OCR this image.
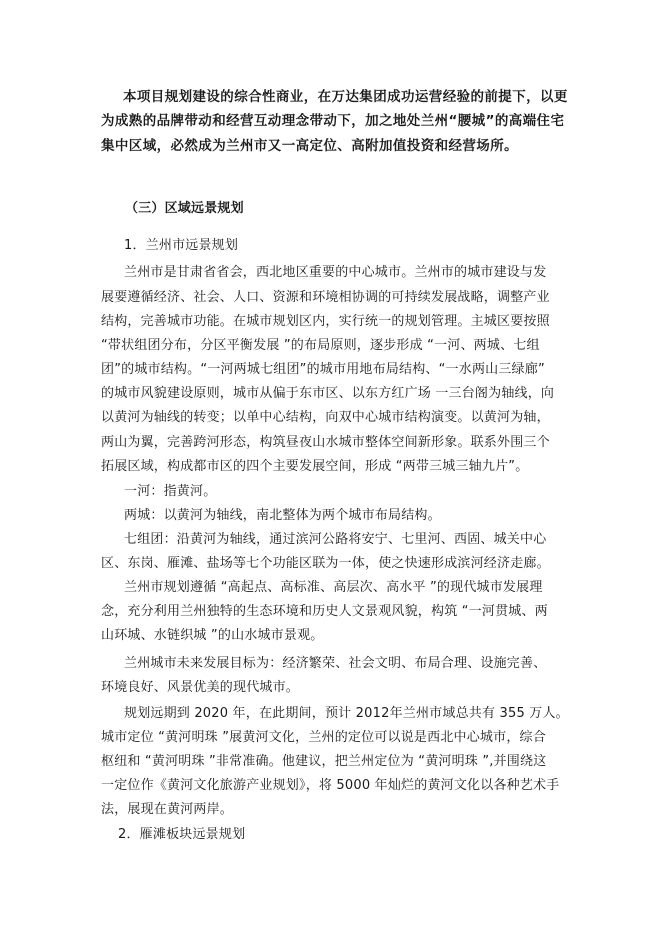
本项目规划建设的综合性商业，在万达集团成功运营经验的前提下，以更
为成熟的品牌带动和经营互动理念带动下，加之地处兰州“腰城”的高端住宅
集中区域，必然成为兰州市又一高定位、高附加值投资和经营场所。
（三）区域远景规划
1．兰州市远景规划
兰州市是甘肃省省会，西北地区重要的中心城市。兰州市的城市建设与发
展要遵循经济、社会、人口、资源和环境相协调的可持续发展战略，调整产业
结构，完善城市功能。在城市规划区内，实行统一的规划管理。主城区要按照
“带状组团分布，分区平衡发展 ”的布局原则，逐步形成 “一河、两城、七组
团”的城市结构。“一河两城七组团”的城市用地布局结构、“一水两山三绿廊”
的城市风貌建设原则，城市从偏于东市区、以东方红广场 一三台阁为轴线，向
以黄河为轴线的转变；以单中心结构，向双中心城市结构演变。以黄河为轴，
两山为翼，完善跨河形态，构筑昼夜山水城市整体空间新形象。联系外围三个
拓展区域，构成都市区的四个主要发展空间，形成 “两带三城三轴九片”。
一河：指黄河。
两城：以黄河为轴线，南北整体为两个城市布局结构。
七组团：沿黄河为轴线，通过滨河公路将安宁、七里河、西固、城关中心
区、东岗、雁滩、盐场等七个功能区联为一体，使之快速形成滨河经济走廊。
兰州市规划遵循 “高起点、高标准、高层次、高水平 ”的现代城市发展理
念，充分利用兰州独特的生态环境和历史人文景观风貌，构筑 “一河贯城、两
山环城、水链织城 ”的山水城市景观。
兰州城市未来发展目标为：经济繁荣、社会文明、布局合理、设施完善、
环境良好、风景优美的现代城市。
规划远期到 2020 年，在此期间，预计 2012年兰州市域总共有 355 万人。
城市定位 “黄河明珠 ”展黄河文化，兰州的定位可以说是西北中心城市，综合
枢纽和 “黄河明珠 ”非常准确。他建议，把兰州定位为 “黄河明珠 ”,并围绕这
一定位作《黄河文化旅游产业规划》，将 5000 年灿烂的黄河文化以各种艺术手
法，展现在黄河两岸。
2．雁滩板块远景规划
